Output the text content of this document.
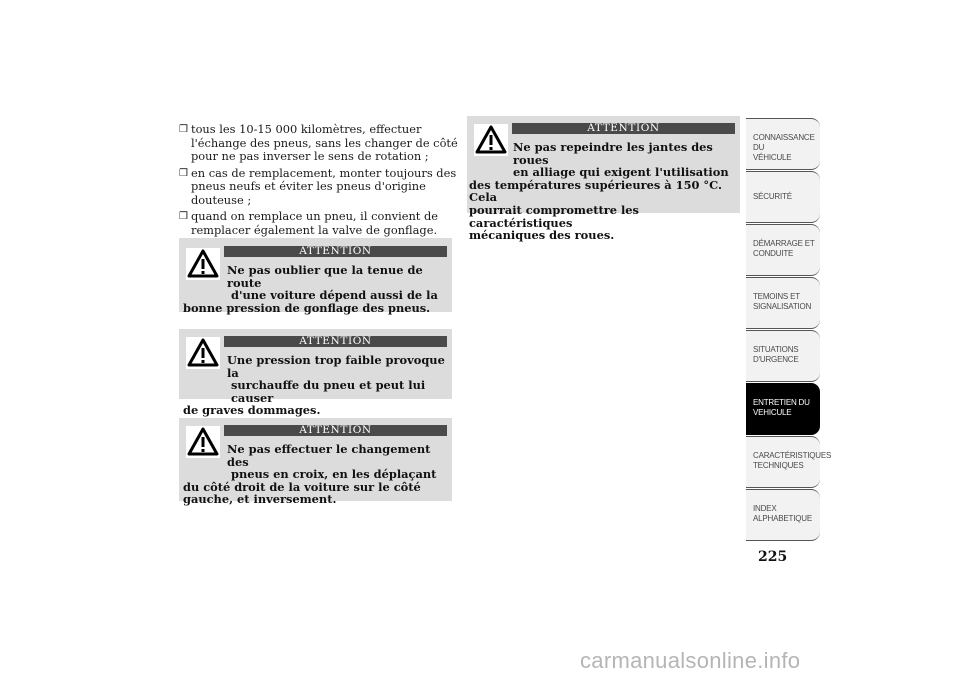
❒ tous les 10-15 000 kilomètres, effectuer
l'échange des pneus, sans les changer de côté
pour ne pas inverser le sens de rotation ;
❒ en cas de remplacement, monter toujours des
pneus neufs et éviter les pneus d'origine
douteuse ;
❒ quand on remplace un pneu, il convient de
remplacer également la valve de gonflage.
ATTENTION
Ne pas oublier que la tenue de route
d'une voiture dépend aussi de la
bonne pression de gonflage des pneus.
ATTENTION
Une pression trop faible provoque la
surchauffe du pneu et peut lui causer
de graves dommages.
ATTENTION
Ne pas effectuer le changement des
pneus en croix, en les déplaçant
du côté droit de la voiture sur le côté
gauche, et inversement.
ATTENTION
Ne pas repeindre les jantes des roues
en alliage qui exigent l'utilisation
des températures supérieures à 150 °C. Cela
pourrait compromettre les caractéristiques
mécaniques des roues.
CONNAISSANCE DU
VÉHICULE
SÉCURITÉ
DÉMARRAGE ET
CONDUITE
TEMOINS ET
SIGNALISATION
SITUATIONS
D'URGENCE
ENTRETIEN DU
VEHICULE
CARACTÉRISTIQUES
TECHNIQUES
INDEX
ALPHABETIQUE
225
carmanualsonline.info
